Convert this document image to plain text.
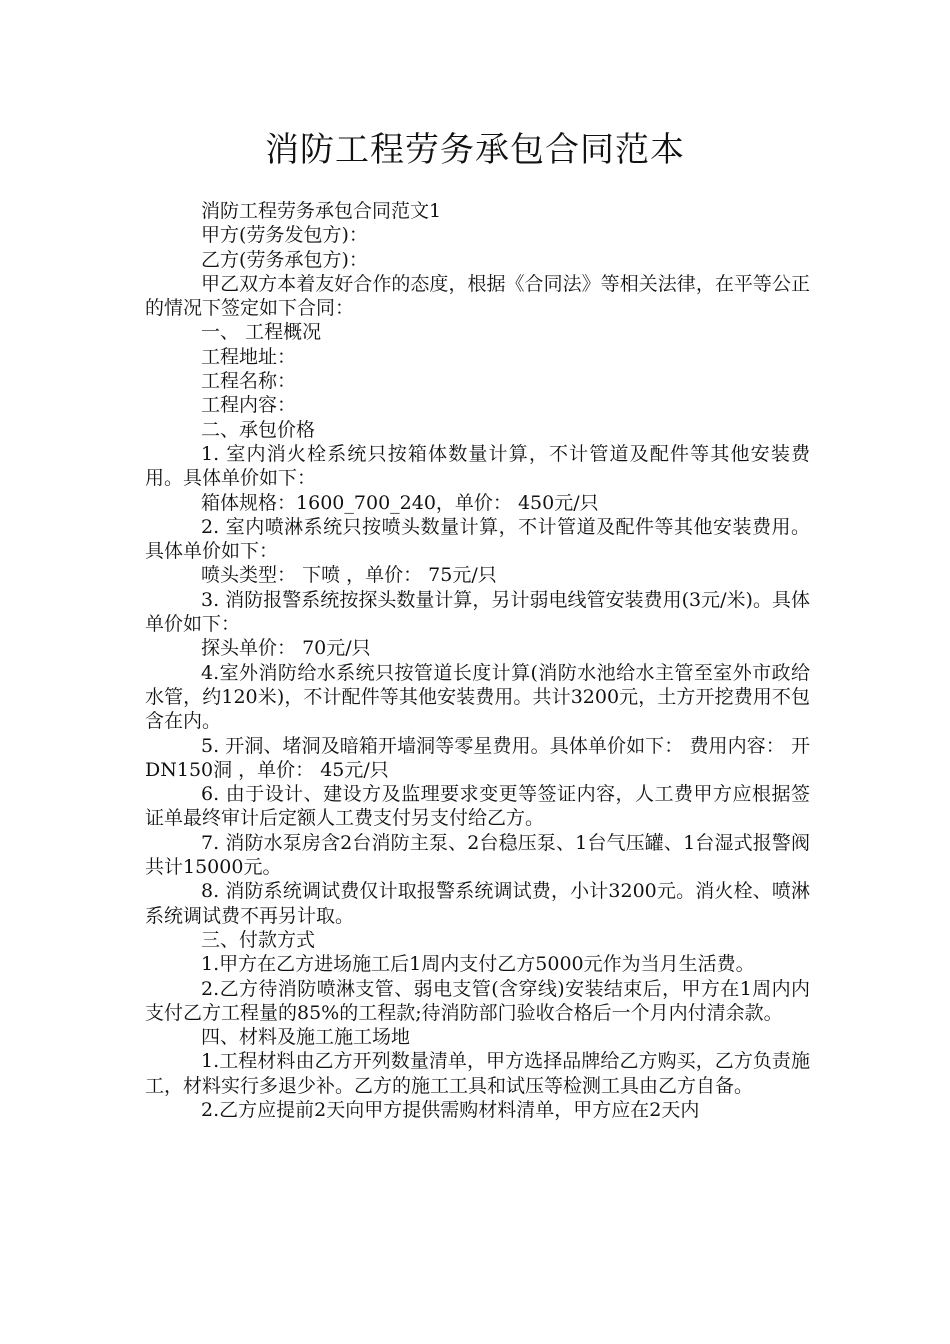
消防工程劳务承包合同范本

消防工程劳务承包合同范文1

甲方(劳务发包方)：

乙方(劳务承包方)：

甲乙双方本着友好合作的态度，根据《合同法》等相关法律，在平等公正的情况下签定如下合同：

一、 工程概况

工程地址：

工程名称：

工程内容：

二、承包价格

1. 室内消火栓系统只按箱体数量计算，不计管道及配件等其他安装费用。具体单价如下：

箱体规格：1600_700_240，单价： 450元/只

2. 室内喷淋系统只按喷头数量计算，不计管道及配件等其他安装费用。具体单价如下：

喷头类型： 下喷 ，单价： 75元/只

3. 消防报警系统按探头数量计算，另计弱电线管安装费用(3元/米)。具体单价如下：

探头单价： 70元/只

4.室外消防给水系统只按管道长度计算(消防水池给水主管至室外市政给水管，约120米)，不计配件等其他安装费用。共计3200元，土方开挖费用不包含在内。

5. 开洞、堵洞及暗箱开墙洞等零星费用。具体单价如下： 费用内容： 开DN150洞 ，单价： 45元/只

6. 由于设计、建设方及监理要求变更等签证内容，人工费甲方应根据签证单最终审计后定额人工费支付另支付给乙方。

7. 消防水泵房含2台消防主泵、2台稳压泵、1台气压罐、1台湿式报警阀共计15000元。

8. 消防系统调试费仅计取报警系统调试费，小计3200元。消火栓、喷淋系统调试费不再另计取。

三、付款方式

1.甲方在乙方进场施工后1周内支付乙方5000元作为当月生活费。

2.乙方待消防喷淋支管、弱电支管(含穿线)安装结束后，甲方在1周内内支付乙方工程量的85%的工程款;待消防部门验收合格后一个月内付清余款。

四、材料及施工施工场地

1.工程材料由乙方开列数量清单，甲方选择品牌给乙方购买，乙方负责施工，材料实行多退少补。乙方的施工工具和试压等检测工具由乙方自备。

2.乙方应提前2天向甲方提供需购材料清单，甲方应在2天内
